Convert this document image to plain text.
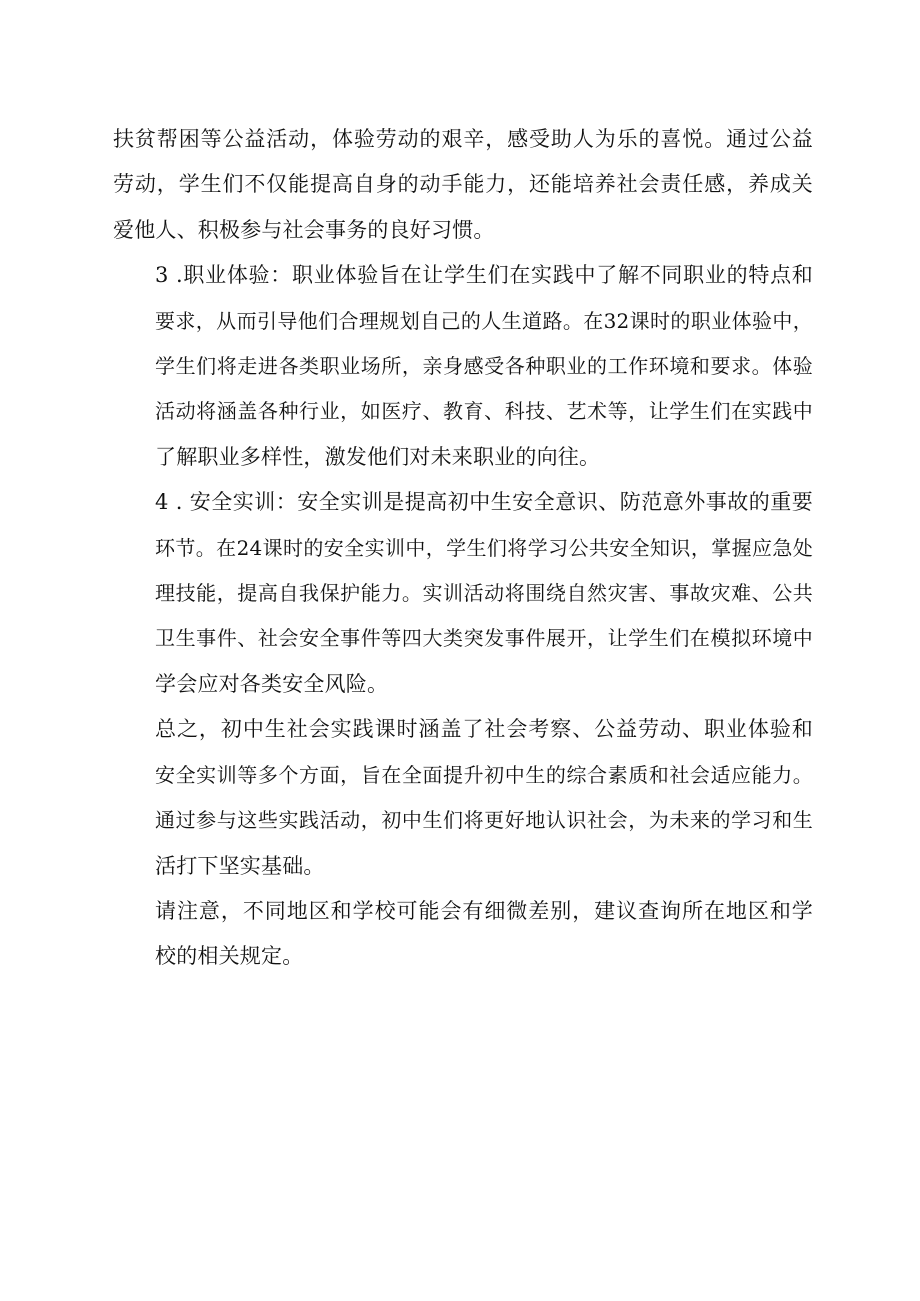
扶贫帮困等公益活动，体验劳动的艰辛，感受助人为乐的喜悦。通过公益
劳动，学生们不仅能提高自身的动手能力，还能培养社会责任感，养成关
爱他人、积极参与社会事务的良好习惯。

3 .职业体验：职业体验旨在让学生们在实践中了解不同职业的特点和
要求，从而引导他们合理规划自己的人生道路。在32课时的职业体验中，
学生们将走进各类职业场所，亲身感受各种职业的工作环境和要求。体验
活动将涵盖各种行业，如医疗、教育、科技、艺术等，让学生们在实践中
了解职业多样性，激发他们对未来职业的向往。

4 . 安全实训：安全实训是提高初中生安全意识、防范意外事故的重要
环节。在24课时的安全实训中，学生们将学习公共安全知识，掌握应急处
理技能，提高自我保护能力。实训活动将围绕自然灾害、事故灾难、公共
卫生事件、社会安全事件等四大类突发事件展开，让学生们在模拟环境中
学会应对各类安全风险。

总之，初中生社会实践课时涵盖了社会考察、公益劳动、职业体验和
安全实训等多个方面，旨在全面提升初中生的综合素质和社会适应能力。
通过参与这些实践活动，初中生们将更好地认识社会，为未来的学习和生
活打下坚实基础。

请注意，不同地区和学校可能会有细微差别，建议查询所在地区和学
校的相关规定。
